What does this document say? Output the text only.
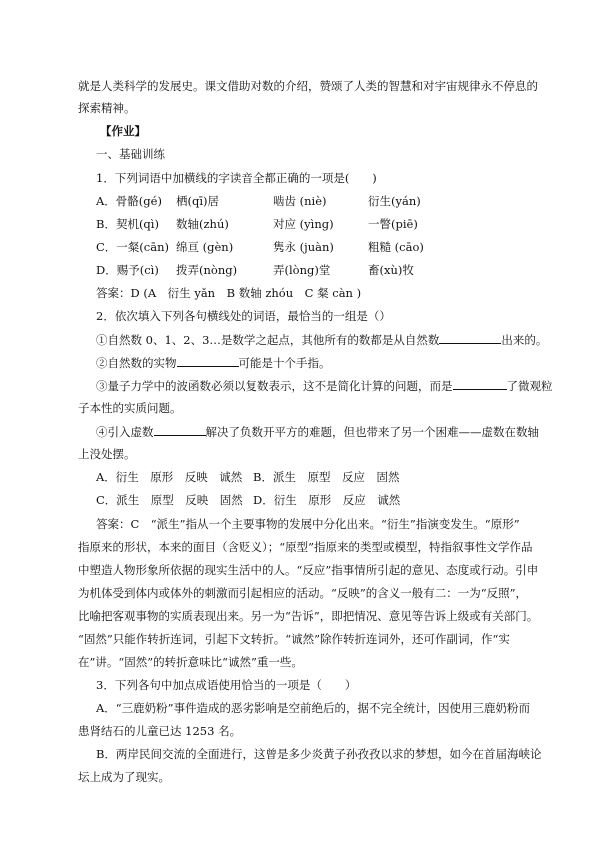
就是人类科学的发展史。课文借助对数的介绍，赞颂了人类的智慧和对宇宙规律永不停息的
探索精神。
【作业】
一、基础训练
1．下列词语中加横线的字读音全都正确的一项是(　　)
A．骨骼(gé) 栖(qī)居	啮齿 (niè)	衍生(yán)
B．契机(qì) 数轴(zhú)	对应 (yìng)	一瞥(piē)
C．一粲(cān) 绵亘 (gèn)	隽永 (juàn)	粗糙 (cāo)
D．赐予(cì) 拨弄(nòng)	弄(lòng)堂	畜(xù)牧
答案：D (A　衍生 yǎn　B 数轴 zhóu　C 粲 càn )
2．依次填入下列各句横线处的词语，最恰当的一组是（）
①自然数 0、1、2、3…是数学之起点，其他所有的数都是从自然数	出来的。
②自然数的实物	可能是十个手指。
③量子力学中的波函数必须以复数表示，这不是简化计算的问题，而是	了微观粒
子本性的实质问题。
④引入虚数	解决了负数开平方的难题，但也带来了另一个困难——虚数在数轴
上没处摆。
A．衍生　原形　反映　诚然 B．派生　原型　反应　固然
C．派生　原型　反映　固然 D．衍生　原形　反应　诚然
答案：C　“派生”指从一个主要事物的发展中分化出来。“衍生”指演变发生。“原形”
指原来的形状，本来的面目（含贬义）；“原型”指原来的类型或模型，特指叙事性文学作品
中塑造人物形象所依据的现实生活中的人。“反应”指事情所引起的意见、态度或行动。引申
为机体受到体内或体外的刺激而引起相应的活动。“反映”的含义一般有二：一为“反照”，
比喻把客观事物的实质表现出来。另一为“告诉”，即把情况、意见等告诉上级或有关部门。
“固然”只能作转折连词，引起下文转折。“诚然”除作转折连词外，还可作副词，作“实
在”讲。“固然”的转折意味比“诚然”重一些。
3．下列各句中加点成语使用恰当的一项是（　　）
A．“三鹿奶粉”事件造成的恶劣影响是空前绝后的，据不完全统计，因使用三鹿奶粉而
患肾结石的儿童已达 1253 名。
B．两岸民间交流的全面进行，这曾是多少炎黄子孙孜孜以求的梦想，如今在首届海峡论
坛上成为了现实。
